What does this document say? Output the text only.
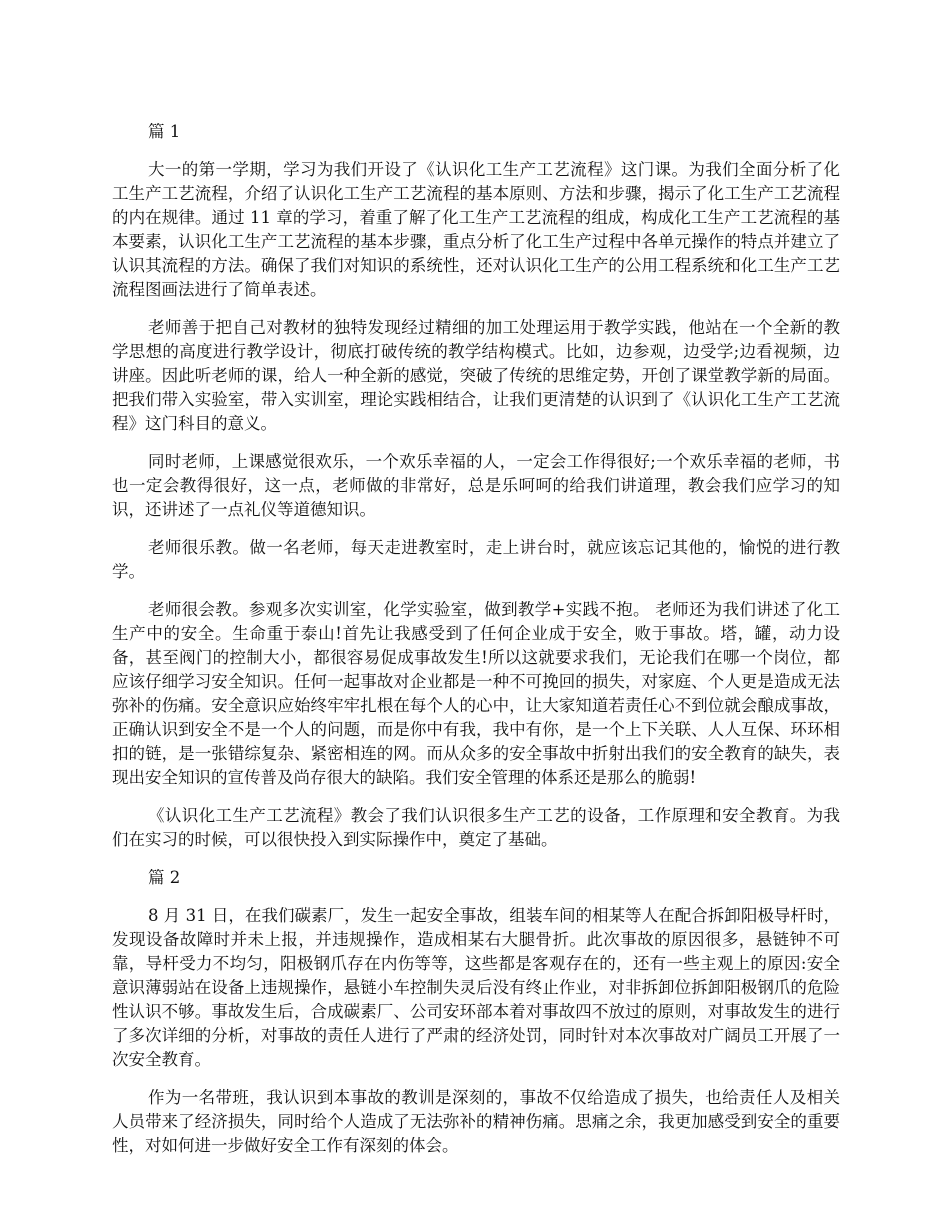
篇 1

大一的第一学期，学习为我们开设了《认识化工生产工艺流程》这门课。为我们全面分析了化工生产工艺流程，介绍了认识化工生产工艺流程的基本原则、方法和步骤，揭示了化工生产工艺流程的内在规律。通过 11 章的学习，着重了解了化工生产工艺流程的组成，构成化工生产工艺流程的基本要素，认识化工生产工艺流程的基本步骤，重点分析了化工生产过程中各单元操作的特点并建立了认识其流程的方法。确保了我们对知识的系统性，还对认识化工生产的公用工程系统和化工生产工艺流程图画法进行了简单表述。

老师善于把自己对教材的独特发现经过精细的加工处理运用于教学实践，他站在一个全新的教学思想的高度进行教学设计，彻底打破传统的教学结构模式。比如，边参观，边受学;边看视频，边讲座。因此听老师的课，给人一种全新的感觉，突破了传统的思维定势，开创了课堂教学新的局面。把我们带入实验室，带入实训室，理论实践相结合，让我们更清楚的认识到了《认识化工生产工艺流程》这门科目的意义。

同时老师，上课感觉很欢乐，一个欢乐幸福的人，一定会工作得很好;一个欢乐幸福的老师，书也一定会教得很好，这一点，老师做的非常好，总是乐呵呵的给我们讲道理，教会我们应学习的知识，还讲述了一点礼仪等道德知识。

老师很乐教。做一名老师，每天走进教室时，走上讲台时，就应该忘记其他的，愉悦的进行教学。

老师很会教。参观多次实训室，化学实验室，做到教学+实践不抱。 老师还为我们讲述了化工生产中的安全。生命重于泰山!首先让我感受到了任何企业成于安全，败于事故。塔，罐，动力设备，甚至阀门的控制大小，都很容易促成事故发生!所以这就要求我们，无论我们在哪一个岗位，都应该仔细学习安全知识。任何一起事故对企业都是一种不可挽回的损失，对家庭、个人更是造成无法弥补的伤痛。安全意识应始终牢牢扎根在每个人的心中，让大家知道若责任心不到位就会酿成事故，正确认识到安全不是一个人的问题，而是你中有我，我中有你，是一个上下关联、人人互保、环环相扣的链，是一张错综复杂、紧密相连的网。而从众多的安全事故中折射出我们的安全教育的缺失，表现出安全知识的宣传普及尚存很大的缺陷。我们安全管理的体系还是那么的脆弱!

《认识化工生产工艺流程》教会了我们认识很多生产工艺的设备，工作原理和安全教育。为我们在实习的时候，可以很快投入到实际操作中，奠定了基础。

篇 2

8 月 31 日，在我们碳素厂，发生一起安全事故，组装车间的相某等人在配合拆卸阳极导杆时，发现设备故障时并未上报，并违规操作，造成相某右大腿骨折。此次事故的原因很多，悬链钟不可靠，导杆受力不均匀，阳极钢爪存在内伤等等，这些都是客观存在的，还有一些主观上的原因:安全意识薄弱站在设备上违规操作，悬链小车控制失灵后没有终止作业，对非拆卸位拆卸阳极钢爪的危险性认识不够。事故发生后，合成碳素厂、公司安环部本着对事故四不放过的原则，对事故发生的进行了多次详细的分析，对事故的责任人进行了严肃的经济处罚，同时针对本次事故对广阔员工开展了一次安全教育。

作为一名带班，我认识到本事故的教训是深刻的，事故不仅给造成了损失，也给责任人及相关人员带来了经济损失，同时给个人造成了无法弥补的精神伤痛。思痛之余，我更加感受到安全的重要性，对如何进一步做好安全工作有深刻的体会。
